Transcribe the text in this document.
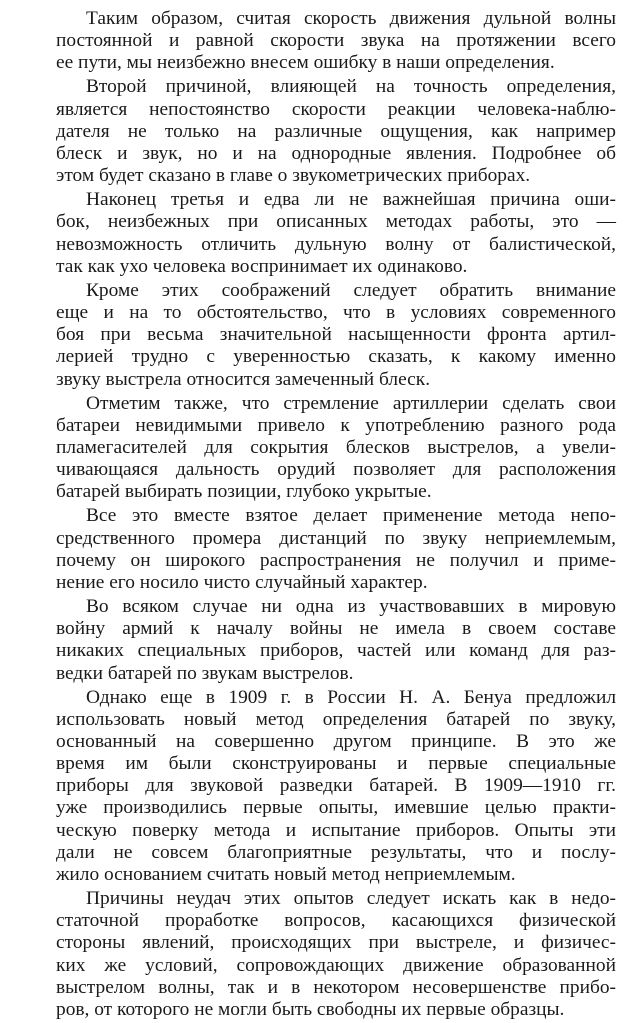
Таким образом, считая скорость движения дульной волны
постоянной и равной скорости звука на протяжении всего
ее пути, мы неизбежно внесем ошибку в наши определения.

Второй причиной, влияющей на точность определения,
является непостоянство скорости реакции человека-наблю-
дателя не только на различные ощущения, как например
блеск и звук, но и на однородные явления. Подробнее об
этом будет сказано в главе о звукометрических приборах.

Наконец третья и едва ли не важнейшая причина оши-
бок, неизбежных при описанных методах работы, это —
невозможность отличить дульную волну от балистической,
так как ухо человека воспринимает их одинаково.

Кроме этих соображений следует обратить внимание
еще и на то обстоятельство, что в условиях современного
боя при весьма значительной насыщенности фронта артил-
лерией трудно с уверенностью сказать, к какому именно
звуку выстрела относится замеченный блеск.

Отметим также, что стремление артиллерии сделать свои
батареи невидимыми привело к употреблению разного рода
пламегасителей для сокрытия блесков выстрелов, а увели-
чивающаяся дальность орудий позволяет для расположения
батарей выбирать позиции, глубоко укрытые.

Все это вместе взятое делает применение метода непо-
средственного промера дистанций по звуку неприемлемым,
почему он широкого распространения не получил и приме-
нение его носило чисто случайный характер.

Во всяком случае ни одна из участвовавших в мировую
войну армий к началу войны не имела в своем составе
никаких специальных приборов, частей или команд для раз-
ведки батарей по звукам выстрелов.

Однако еще в 1909 г. в России Н. А. Бенуа предложил
использовать новый метод определения батарей по звуку,
основанный на совершенно другом принципе. В это же
время им были сконструированы и первые специальные
приборы для звуковой разведки батарей. В 1909—1910 гг.
уже производились первые опыты, имевшие целью практи-
ческую поверку метода и испытание приборов. Опыты эти
дали не совсем благоприятные результаты, что и послу-
жило основанием считать новый метод неприемлемым.

Причины неудач этих опытов следует искать как в недо-
статочной проработке вопросов, касающихся физической
стороны явлений, происходящих при выстреле, и физичес-
ких же условий, сопровождающих движение образованной
выстрелом волны, так и в некотором несовершенстве прибо-
ров, от которого не могли быть свободны их первые образцы.
